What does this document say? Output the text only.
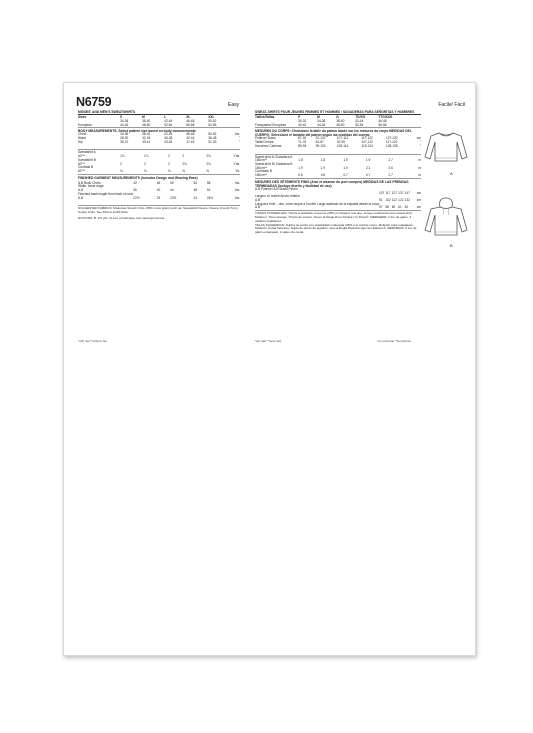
N6759	Easy	Facile/ Fácil
MISSES' AND MEN'S SWEATSHIRTS
Sizes	S	M	L	XL	XXL	
	34-36	38-40	42-44	46-48	50-52	
European	44-46	48-50	52-54	56-58	54-56	
BODY MEASUREMENTS: Select pattern size based on body measurements
Chest	34-36	38-40	42-44	46-48	50-52	Ins.
Waist	28-30	32-34	36-38	42-44	36-48	"
Hip	35-37	39-41	43-45	47-49	51-53	"
Sweatshirt A						
60"**	1⅞	1⅞	2	2	2⅛	Yds.

Sweatshirt B						
60"**	2	2	2	2⅛	2⅛	Yds.
Contrast B						
60"**	⅜	⅜	⅜	⅜	⅜	Yd.
FINISHED GARMENT MEASUREMENTS (Includes Design and Wearing Ease)
A,B Bust/ Chest	42	46	50	54	58	Ins.
Width, lower edge						
A,B	36	40	44	48	52	Ins.
Finished back length from back of neck						
A,B	22½	23	23½	24	24½	Ins.
SUGGESTED FABRICS: Moderate Stretch Knits (25% cross grain) such as: Sweatshirt Fleece, Fleece, French Terry, Cotton Knits. See Pick-A-Knit® Rule.
NOTIONS: B: 2⅜ yds. (2.1m) of twill tape, two metal grommets.
SWEAT-SHIRTS POUR JEUNES FEMMES ET HOMMES / SUDADERAS PARA SEÑORITAS Y HOMBRES
Tailles/Tallas	P	M	G	TG/XG	TTG/XXG	
	30-32	34-36	38-40	42-44	46-48	
Françaises/ Europeas	40-42	44-46	48-50	52-54	56-58	
MESURES DU CORPS: Choisissez la taille du patron basée sur les mesures du corps MEDIDAS DEL CUERPO: Seleccione el tamaño del patrón según las medidas del cuerpo
Poitrine/ Busto	87-92	97-102	107-112	117-122	127-132	cm
Taille/Cintura	71-76	81-87	92-99	107-112	117-122	"
Hanches/ Caderas	89-94	99-104	109-114	119-124	128-135	"
Sweat-shirt A/ Sudadera A						
150cm**	1.8	1.8	1.9	1.9	2.7	m

Sweat-shirt B/ Sudadera B						
150cm**	1.9	1.9	1.9	2.1	2.6	m
Contraste B						
150cm**	0.6	0.6	0.7	0.7	0.7	m
MESURES DES VÊTEMENTS FINIS (Aisé et aisance du port compris) MEDIDAS DE LAS PRENDAS TERMINADAS (Incluye diseño y facilidad de uso)
A,B Poitrine/ A,B Busto-Pecho						
	107	117	127	137	147	cm
Largeur à l'ourlet/ Ancho inferior						
A,B	91	102	112	122	132	cm
Longueur finie – dos, votre nuque à l'ourlet/ Largo acabado de la espalda desde la nuca						
A,B	57	58	60	61	62	cm
TISSUS CONSEILLÉS: Tricots à élasticité moyenne (25% en largeur) tels que, Jersey molletonné pour sweat-shirt, Molleton, Tissu éponge, Tricots de cotons. Voyez la Règle-Pour-Choisir-Un-Tricot®. MERCERIE: 2.1m de galon, 2 oeillets métalliques.
TELAS SUGERIDAS: Tejidos de punto con elasticidad moderada (25% a lo ancho) como: Molletón para sudaderas, Molletón, Felpa francesa, Tejido de punto de algodón. Vea la Regla-Para-Escoger-los-Matiere®. MERCERIA: 2.1m de galón ensargado, 2 ojales de metal.
*with nap **without nap	*par nats **sans nats	*con pelo/nap **sin pelo/sin
A
B
